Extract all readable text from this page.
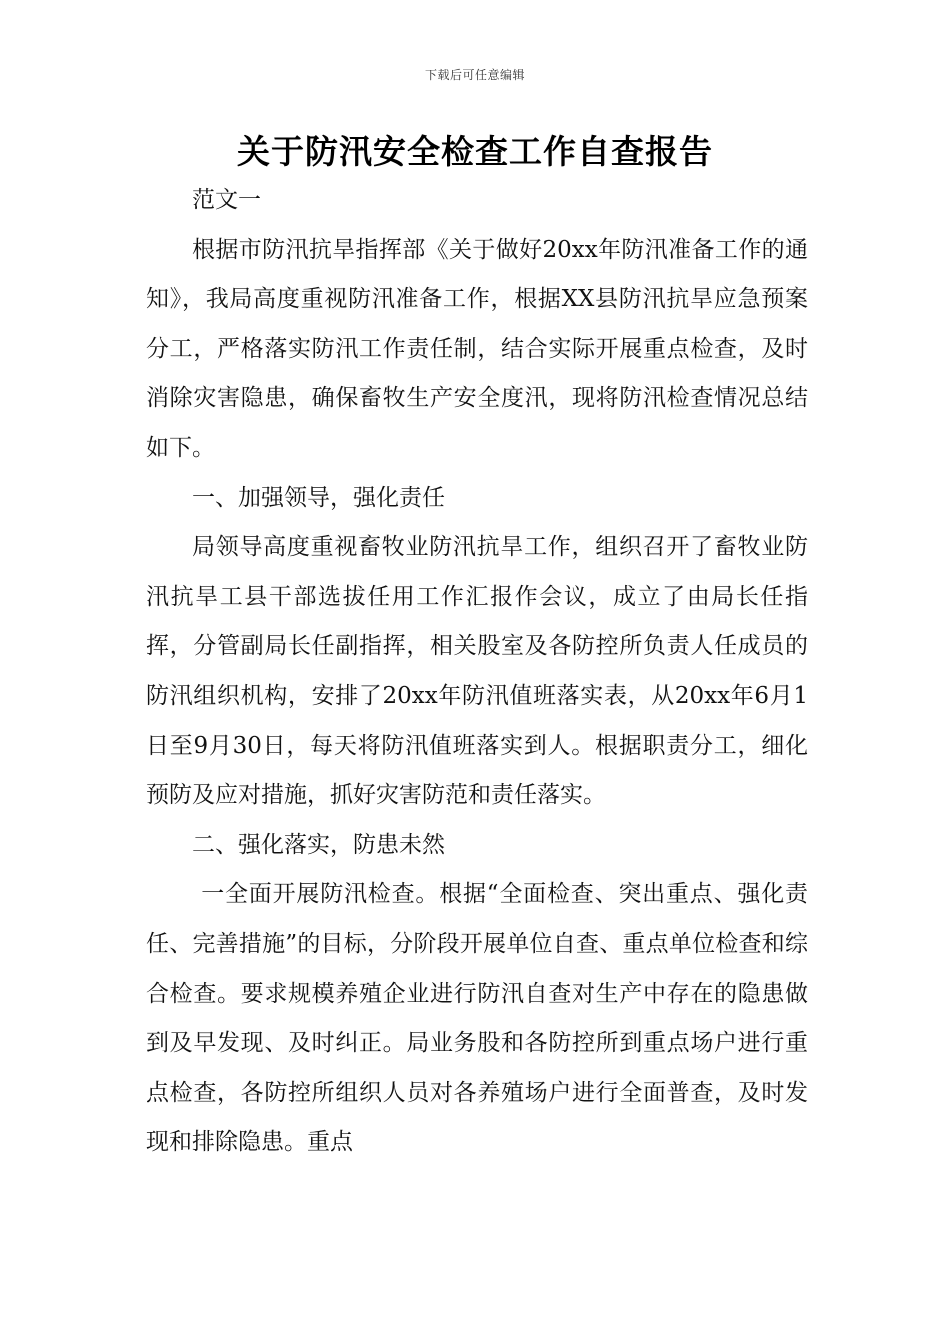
下载后可任意编辑
关于防汛安全检查工作自查报告

范文一

根据市防汛抗旱指挥部《关于做好20xx年防汛准备工作的通知》，我局高度重视防汛准备工作，根据XX县防汛抗旱应急预案分工，严格落实防汛工作责任制，结合实际开展重点检查，及时消除灾害隐患，确保畜牧生产安全度汛，现将防汛检查情况总结如下。

一、加强领导，强化责任

局领导高度重视畜牧业防汛抗旱工作，组织召开了畜牧业防汛抗旱工县干部选拔任用工作汇报作会议，成立了由局长任指挥，分管副局长任副指挥，相关股室及各防控所负责人任成员的防汛组织机构，安排了20xx年防汛值班落实表，从20xx年6月1日至9月30日，每天将防汛值班落实到人。根据职责分工，细化预防及应对措施，抓好灾害防范和责任落实。

二、强化落实，防患未然

一全面开展防汛检查。根据“全面检查、突出重点、强化责任、完善措施”的目标，分阶段开展单位自查、重点单位检查和综合检查。要求规模养殖企业进行防汛自查对生产中存在的隐患做到及早发现、及时纠正。局业务股和各防控所到重点场户进行重点检查，各防控所组织人员对各养殖场户进行全面普查，及时发现和排除隐患。重点
